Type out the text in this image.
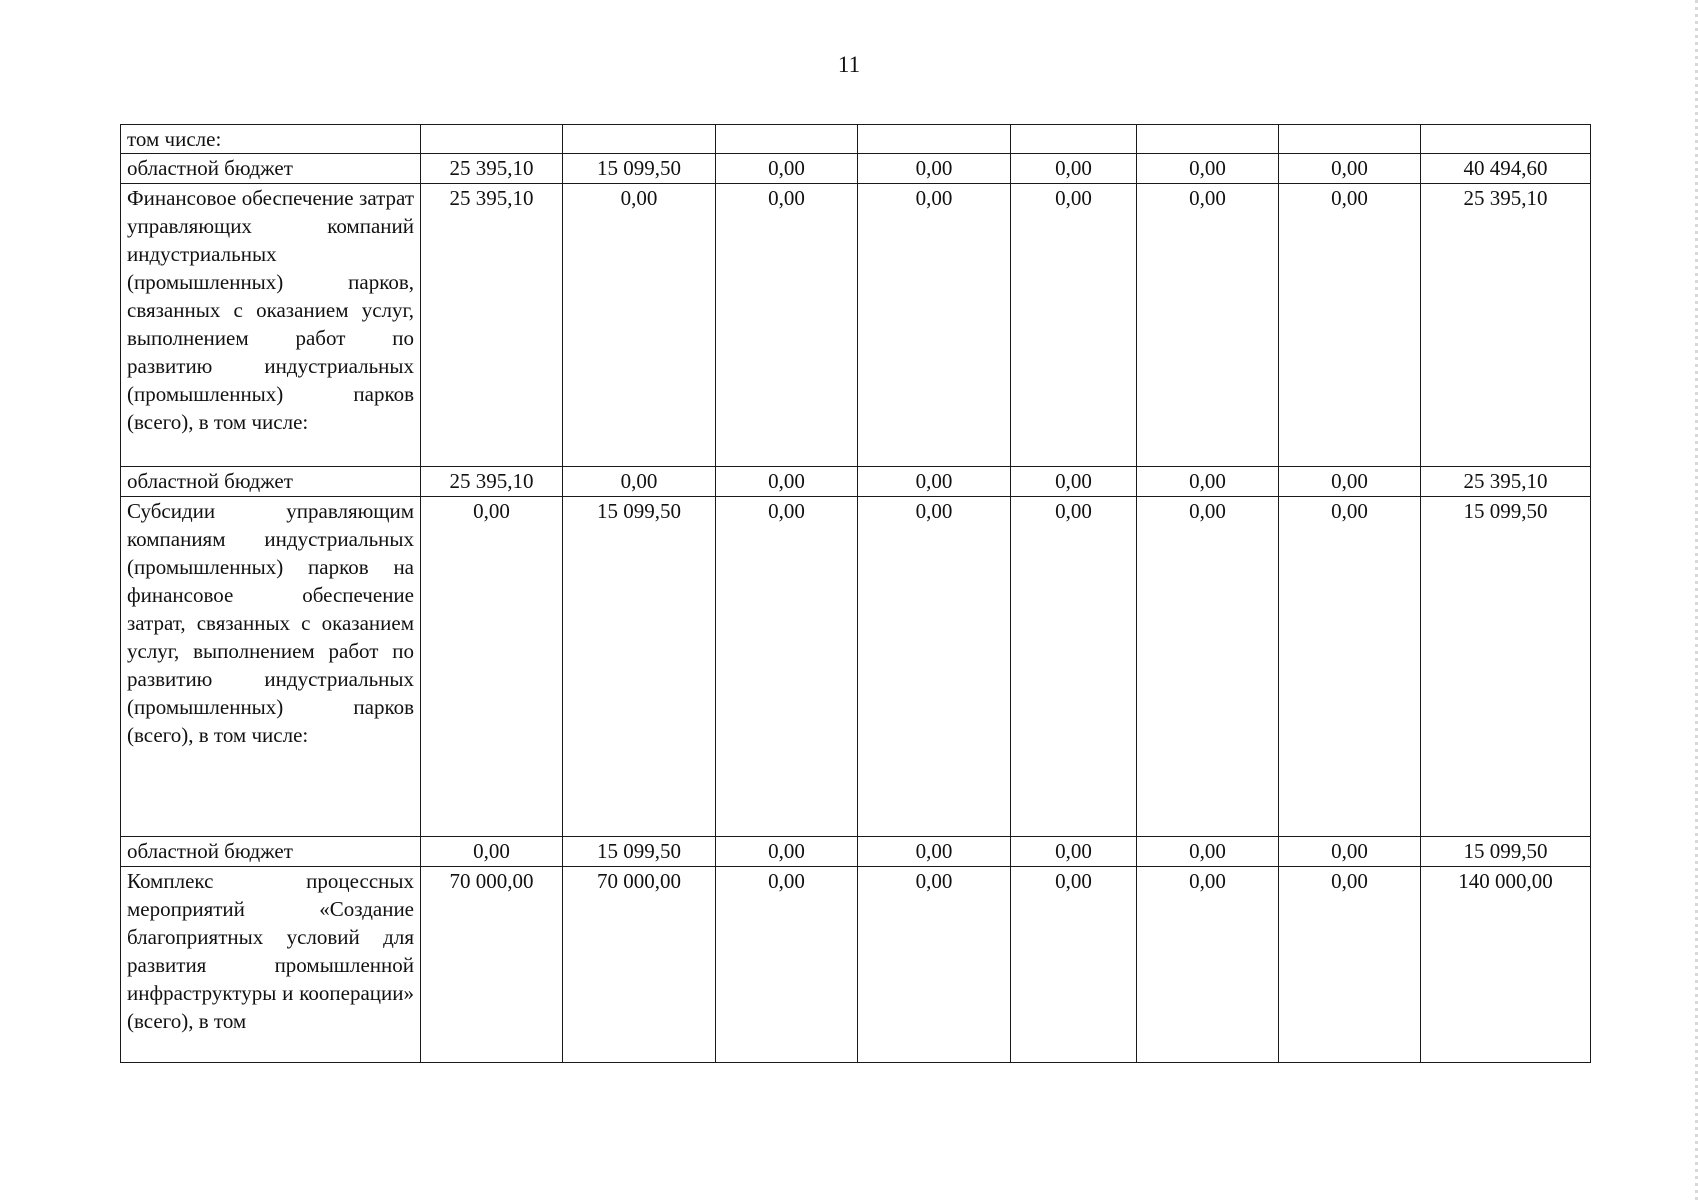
11
том числе:								
областной бюджет	25 395,10	15 099,50	0,00	0,00	0,00	0,00	0,00	40 494,60
Финансовое обеспечение затрат управляющих компаний индустриальных (промышленных) парков, связанных с оказанием услуг, выполнением работ по развитию индустриальных (промышленных) парков (всего), в том числе:	25 395,10	0,00	0,00	0,00	0,00	0,00	0,00	25 395,10
областной бюджет	25 395,10	0,00	0,00	0,00	0,00	0,00	0,00	25 395,10
Субсидии управляющим компаниям индустриальных (промышленных) парков на финансовое обеспечение затрат, связанных с оказанием услуг, выполнением работ по развитию индустриальных (промышленных) парков (всего), в том числе:	0,00	15 099,50	0,00	0,00	0,00	0,00	0,00	15 099,50
областной бюджет	0,00	15 099,50	0,00	0,00	0,00	0,00	0,00	15 099,50
Комплекс процессных мероприятий «Создание благоприятных условий для развития промышленной инфраструктуры и кооперации» (всего), в том	70 000,00	70 000,00	0,00	0,00	0,00	0,00	0,00	140 000,00
